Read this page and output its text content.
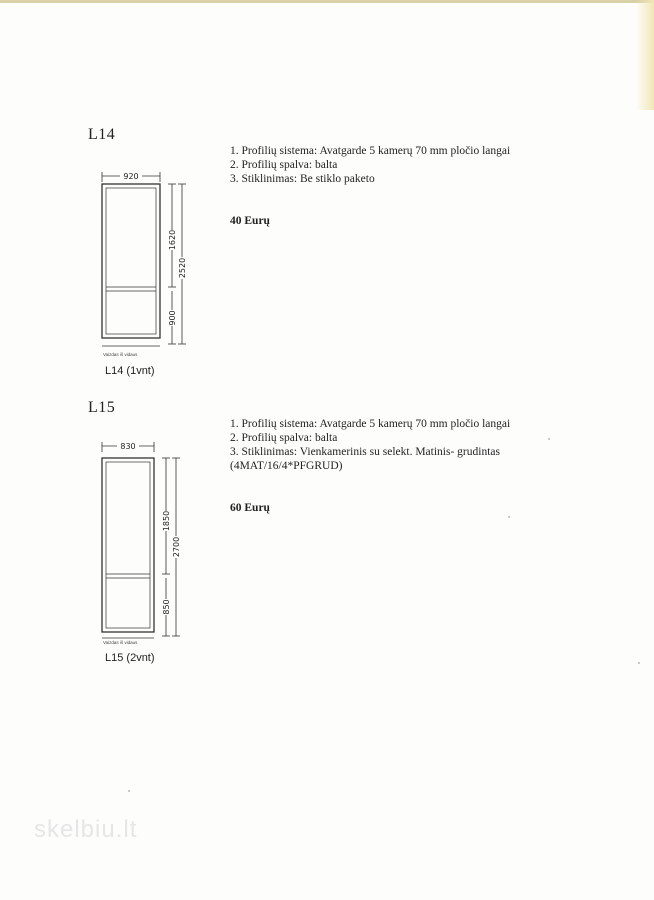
L14
920
1620
900
2520
Vaizdas iš vidaus
L14 (1vnt)
1. Profilių sistema: Avatgarde 5 kamerų 70 mm pločio langai
2. Profilių spalva: balta
3. Stiklinimas: Be stiklo paketo
40 Eurų
L15
830
1850
850
2700
Vaizdas iš vidaus
L15 (2vnt)
1. Profilių sistema: Avatgarde 5 kamerų 70 mm pločio langai
2. Profilių spalva: balta
3. Stiklinimas: Vienkamerinis su selekt. Matinis- grudintas
(4MAT/16/4*PFGRUD)
60 Eurų
skelbiu.lt
